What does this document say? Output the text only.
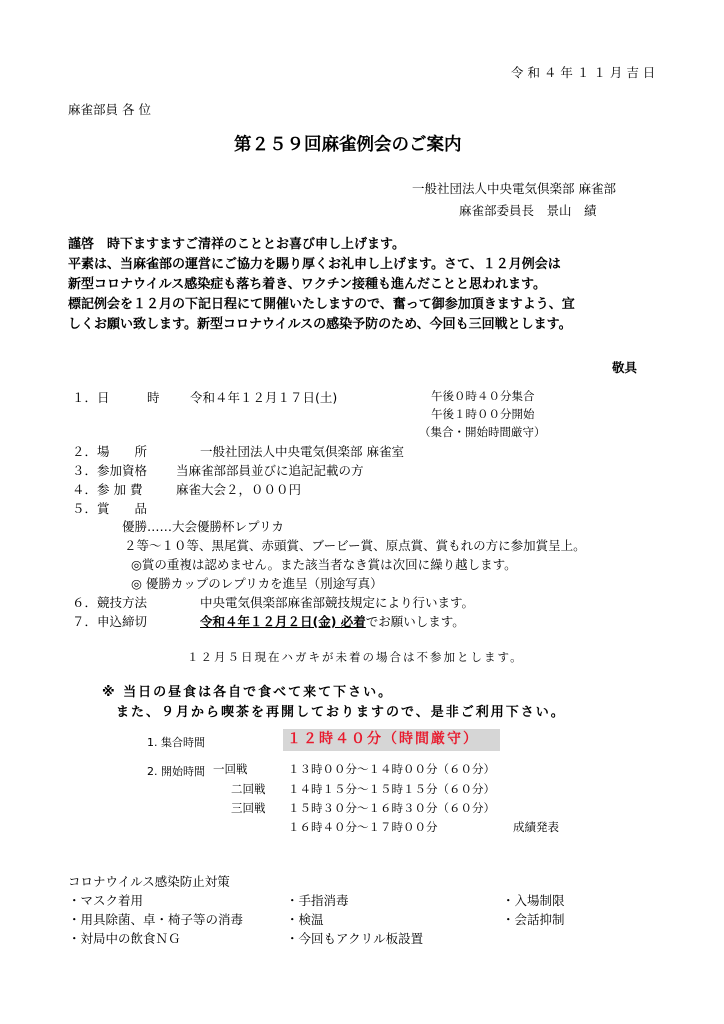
令 和 ４ 年 １ １ 月 吉 日
麻雀部員 各 位
第２５９回麻雀例会のご案内
一般社団法人中央電気倶楽部 麻雀部
麻雀部委員長　景山　績
謹啓　時下ますますご清祥のこととお喜び申し上げます。
平素は、当麻雀部の運営にご協力を賜り厚くお礼申し上げます。さて、１２月例会は
新型コロナウイルス感染症も落ち着き、ワクチン接種も進んだことと思われます。
標記例会を１２月の下記日程にて開催いたしますので、奮って御参加頂きますよう、宜
しくお願い致します。新型コロナウイルスの感染予防のため、今回も三回戦とします。
敬具
１．日　　　時 令和４年１２月１７日(土)	午後０時４０分集合
午後１時００分開始
（集合・開始時間厳守）
２．場　　所	一般社団法人中央電気倶楽部 麻雀室
３．参加資格 当麻雀部部員並びに追記記載の方
４．参 加 費	麻雀大会２，０００円
５．賞　　品
優勝……大会優勝杯レプリカ
２等～１０等、黒尾賞、赤頭賞、ブービー賞、原点賞、賞もれの方に参加賞呈上。
◎賞の重複は認めません。また該当者なき賞は次回に繰り越します。
◎ 優勝カップのレプリカを進呈（別途写真）
６．競技方法	中央電気倶楽部麻雀部競技規定により行います。
７．申込締切	令和４年１２月２日(金) 必着でお願いします。
１２月５日現在ハガキが未着の場合は不参加とします。
※ 当日の昼食は各自で食べて来て下さい。
また、９月から喫茶を再開しておりますので、是非ご利用下さい。
1. 集合時間	１２時４０分（時間厳守）
2. 開始時間 一回戦	１３時００分～１４時００分（６０分）
二回戦 １４時１５分～１５時１５分（６０分）
三回戦 １５時３０分～１６時３０分（６０分）
１６時４０分～１７時００分	成績発表
コロナウイルス感染防止対策
・マスク着用
・用具除菌、卓・椅子等の消毒
・対局中の飲食ＮＧ
・手指消毒
・検温
・今回もアクリル板設置
・入場制限
・会話抑制
